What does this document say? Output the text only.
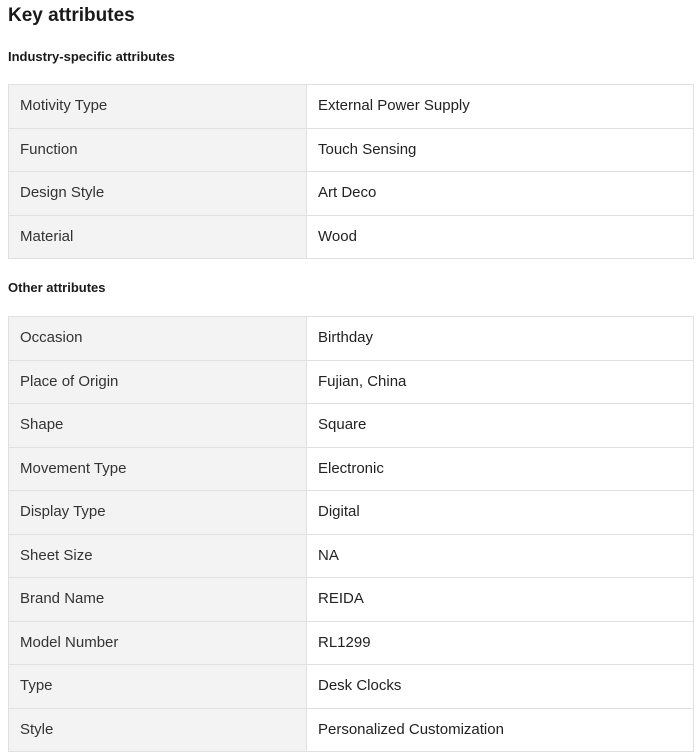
Key attributes
Industry-specific attributes
Motivity Type	External Power Supply
Function	Touch Sensing
Design Style	Art Deco
Material	Wood
Other attributes
Occasion	Birthday
Place of Origin	Fujian, China
Shape	Square
Movement Type	Electronic
Display Type	Digital
Sheet Size	NA
Brand Name	REIDA
Model Number	RL1299
Type	Desk Clocks
Style	Personalized Customization
